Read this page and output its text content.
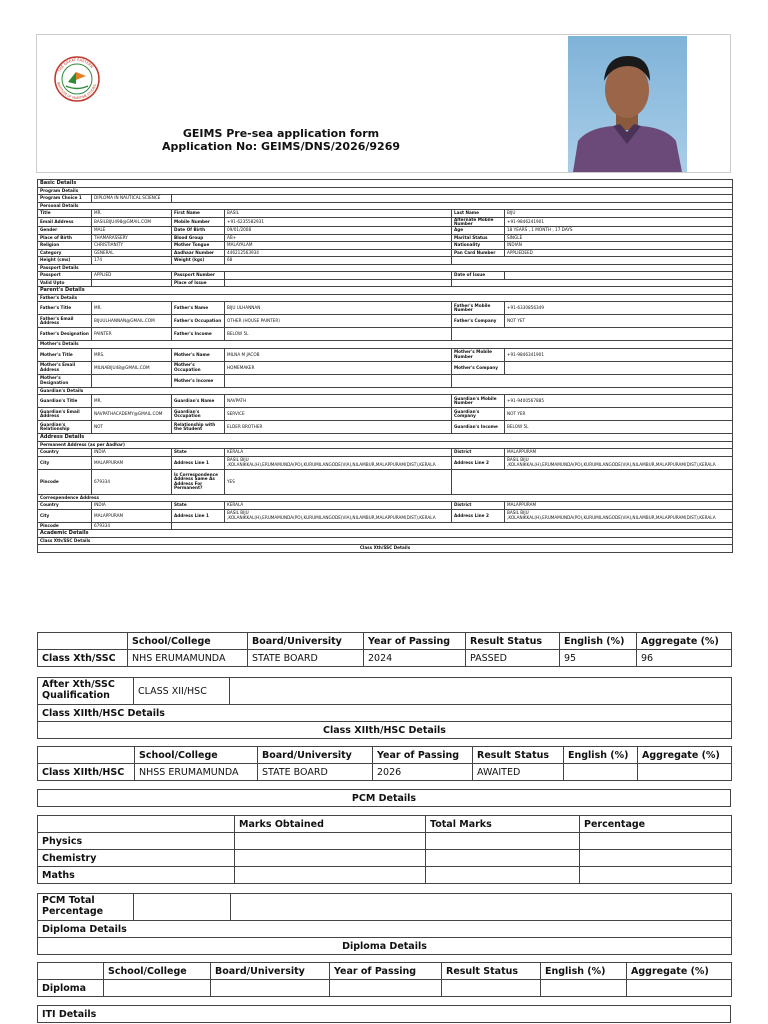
THE GREAT EASTERN
INSTITUTE OF MARITIME STUDIES
GEIMS Pre-sea application form
Application No: GEIMS/DNS/2026/9269
Basic Details					
Program Details					
Program Choice 1	DIPLOMA IN NAUTICAL SCIENCE				
Personal Details					
Title	MR.	First Name	BASIL	Last Name	BIJU
Email Address	BASILBIJU498@GMAIL.COM	Mobile Number	+91-6235582931	Alternate Mobile Number	+91-9846241901
Gender	MALE	Date Of Birth	09/01/2008	Age	18 YEARS , 1 MONTH , 17 DAYS
Place of Birth	THAMARASSERY	Blood Group	AB+	Marital Status	SINGLE
Religion	CHRISTIANITY	Mother Tongue	MALAYALAM	Nationality	INDIAN
Category	GENERAL	Aadhaar Number	446212563934	Pan Card Number	APPLIEDEED
Height (cms)	174	Weight (kgs)	68		
Passport Details					
Passport	APPLIED	Passport Number		Date of Issue	
Valid Upto		Place of Issue			
Parent's Details					
Father's Details					
Father's Title	MR.	Father's Name	BIJU ULHANNAN	Father's Mobile Number	+91-6330856349
Father's Email Address	BIJUULHANNAN@GMAIL.COM	Father's Occupation	OTHER (HOUSE PAINTER)	Father's Company	NOT YET
Father's Designation	PAINTER	Father's Income	BELOW 5L		
Mother's Details					
Mother's Title	MRS.	Mother's Name	MILNA M JACOB	Mother's Mobile Number	+91-9846341901
Mother's Email Address	MILNABIJU48@GMAIL.COM	Mother's Occupation	HOMEMAKER	Mother's Company	
Mother's Designation		Mother's Income			
Guardian's Details					
Guardian's Title	MR.	Guardian's Name	NAVPATH	Guardian's Mobile Number	+91-9400567885
Guardian's Email Address	NAVPATHACADEMY@GMAIL.COM	Guardian's Occupation	SERVICE	Guardian's Company	NOT YER
Guardian's Relationship	NOT	Relationship with the Student	ELDER BROTHER	Guardian's Income	BELOW 5L
Address Details					
Permanent Address (as per Aadhar)					
Country	INDIA	State	KERALA	District	MALAPPURAM
City	MALAPPURAM	Address Line 1	BASIL BIJU ,KOLANIKKAL(H),ERUMAMUNDA(PO),KURUMILANGODE(VIA),NILAMBUR,MALAPPURAM(DIST),KERALA	Address Line 2	BASIL BIJU ,KOLANIKKAL(H),ERUMAMUNDA(PO),KURUMILANGODE(VIA),NILAMBUR,MALAPPURAM(DIST),KERALA
Pincode	679334	Is Correspondence Address Same As Address For Permanent?	YES		
Correspendence Address					
Country	INDIA	State	KERALA	District	MALAPPURAM
City	MALAPPURAM	Address Line 1	BASIL BIJU ,KOLANIKKAL(H),ERUMAMUNDA(PO),KURUMILANGODE(VIA),NILAMBUR,MALAPPURAM(DIST),KERALA	Address Line 2	BASIL BIJU ,KOLANIKKAL(H),ERUMAMUNDA(PO),KURUMILANGODE(VIA),NILAMBUR,MALAPPURAM(DIST),KERALA
Pincode	679334				
Academic Details					
Class Xth/SSC Details					
Class Xth/SSC Details					
	School/College	Board/University	Year of Passing	Result Status	English (%)	Aggregate (%)
Class Xth/SSC	NHS ERUMAMUNDA	STATE BOARD	2024	PASSED	95	96
After Xth/SSC Qualification	CLASS XII/HSC	
Class XIIth/HSC Details
Class XIIth/HSC Details
	School/College	Board/University	Year of Passing	Result Status	English (%)	Aggregate (%)
Class XIIth/HSC	NHSS ERUMAMUNDA	STATE BOARD	2026	AWAITED		
PCM Details
	Marks Obtained	Total Marks	Percentage
Physics			
Chemistry			
Maths			
PCM Total Percentage		
Diploma Details
Diploma Details
	School/College	Board/University	Year of Passing	Result Status	English (%)	Aggregate (%)
Diploma						
ITI Details
